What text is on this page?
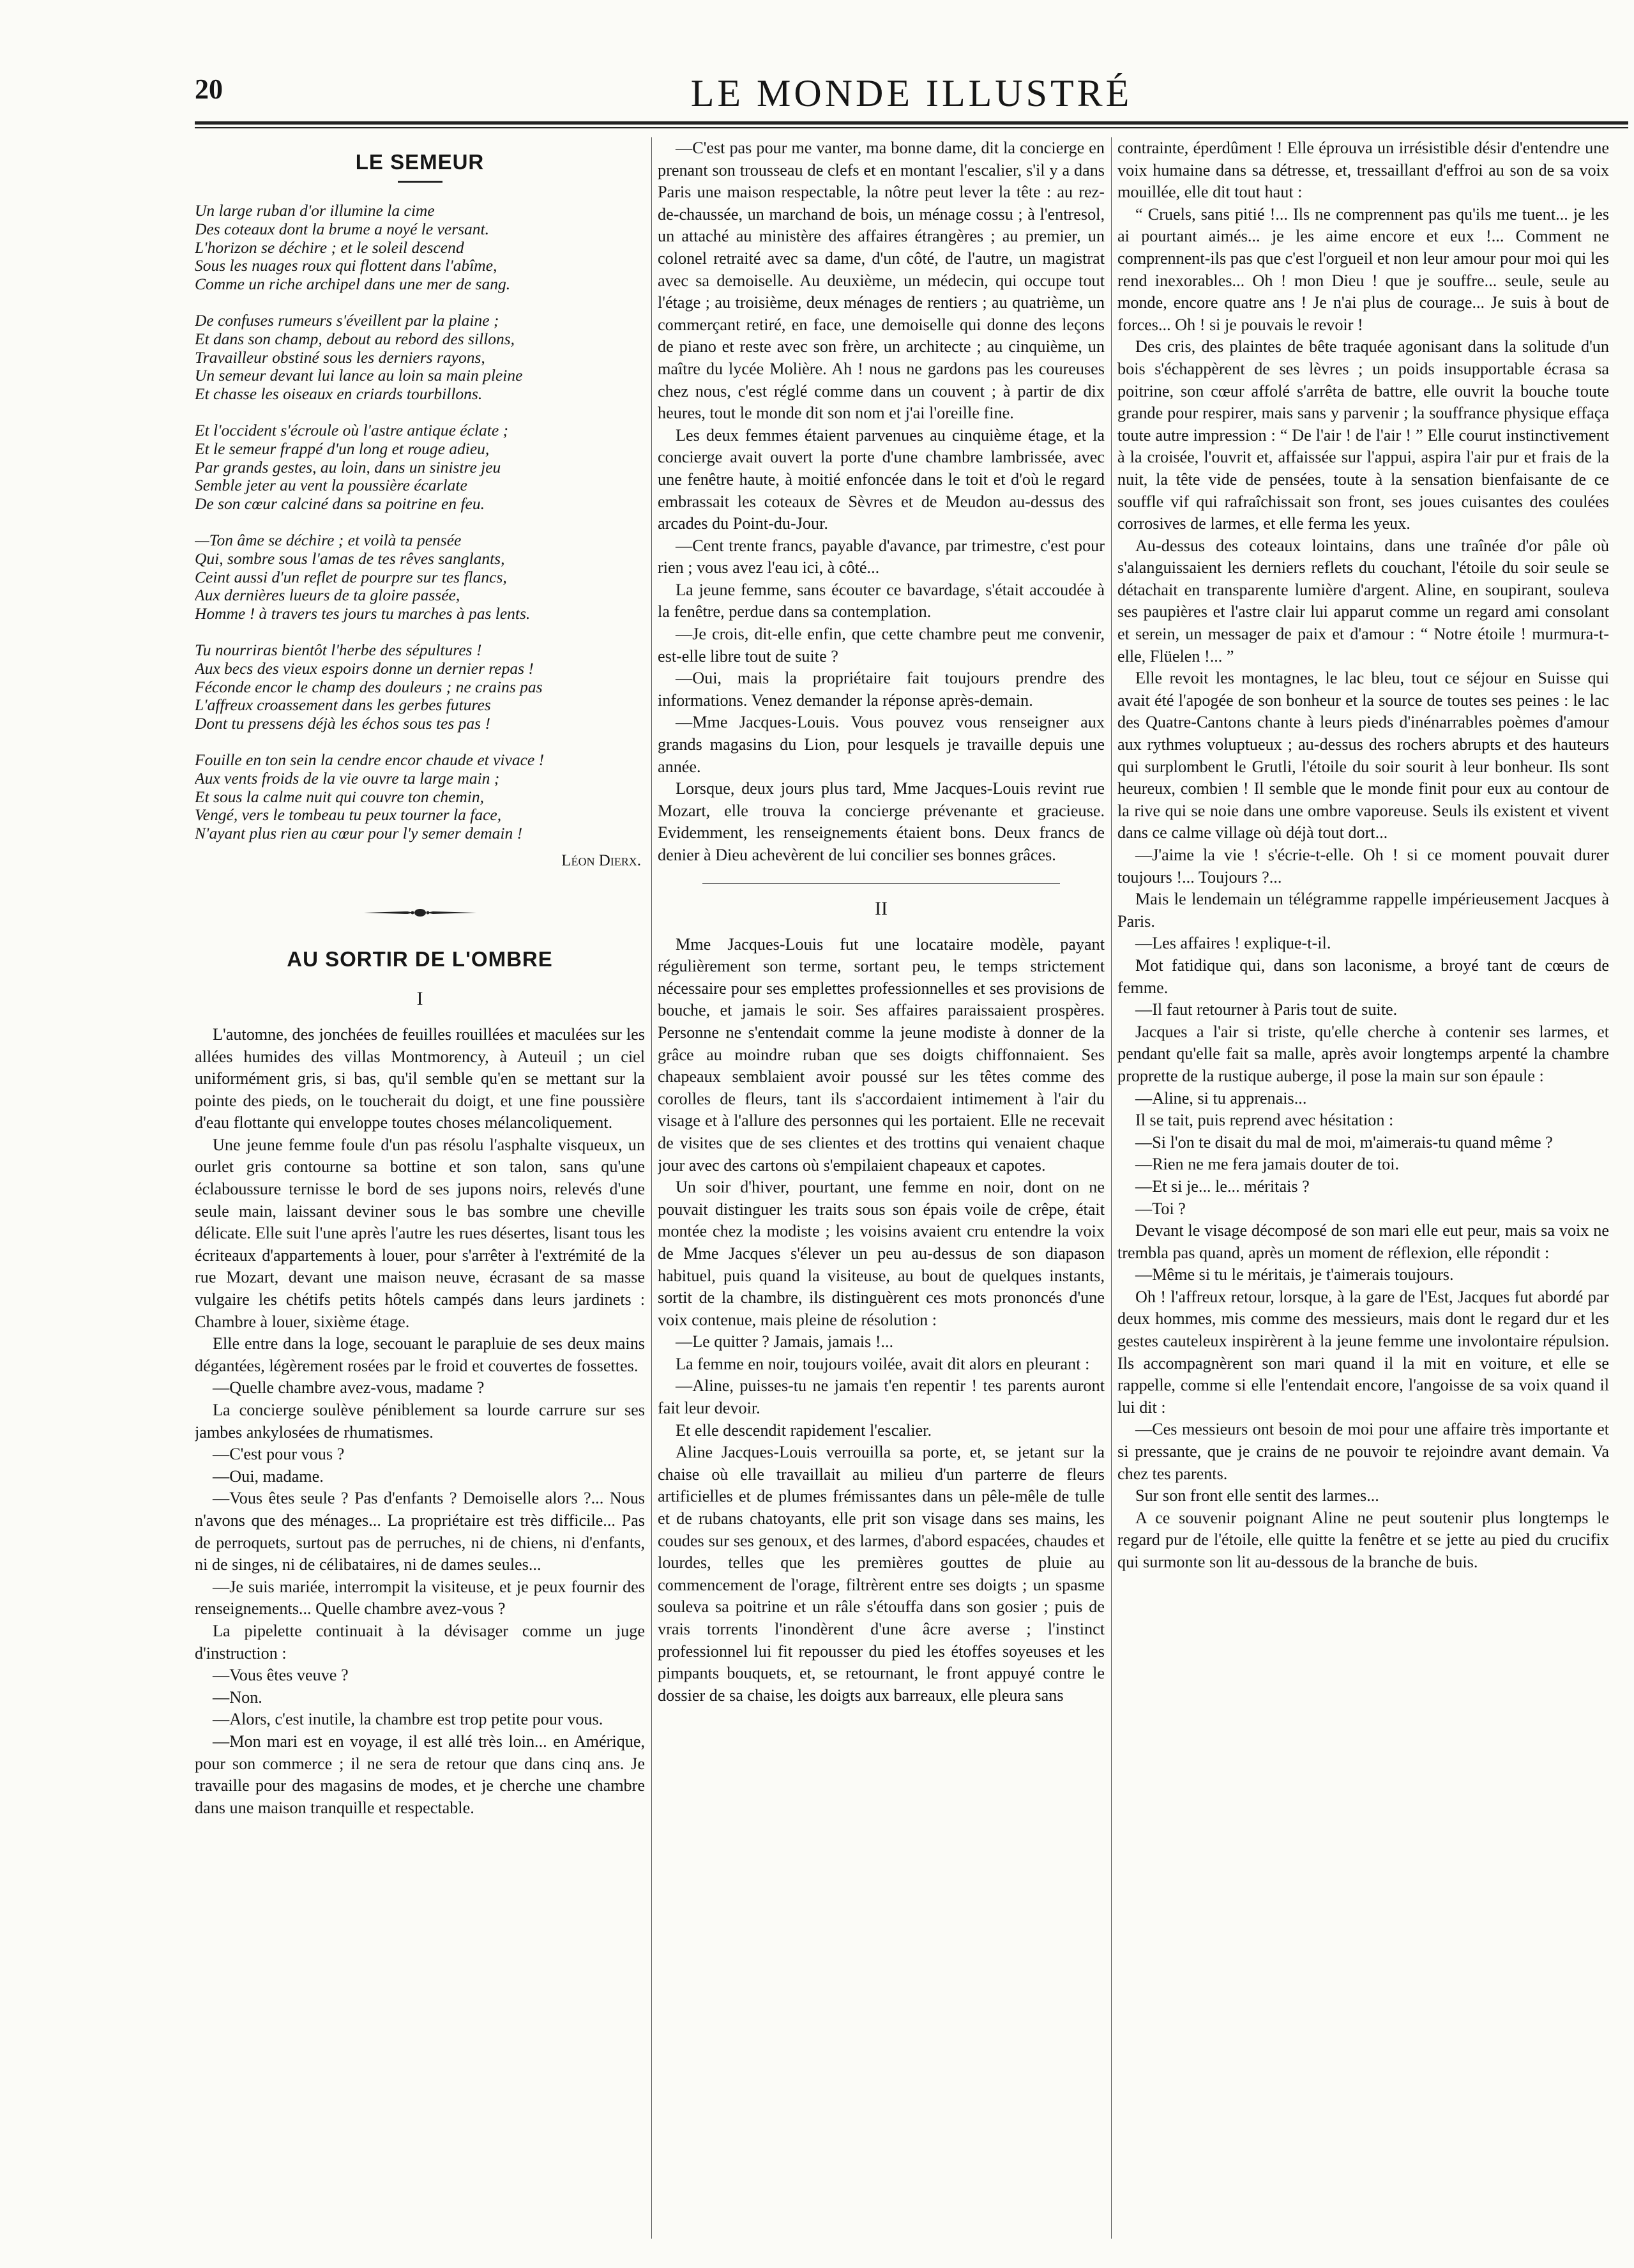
20	LE MONDE ILLUSTRÉ
LE SEMEUR
Un large ruban d'or illumine la cime
Des coteaux dont la brume a noyé le versant.
L'horizon se déchire ; et le soleil descend
Sous les nuages roux qui flottent dans l'abîme,
Comme un riche archipel dans une mer de sang.
De confuses rumeurs s'éveillent par la plaine ;
Et dans son champ, debout au rebord des sillons,
Travailleur obstiné sous les derniers rayons,
Un semeur devant lui lance au loin sa main pleine
Et chasse les oiseaux en criards tourbillons.
Et l'occident s'écroule où l'astre antique éclate ;
Et le semeur frappé d'un long et rouge adieu,
Par grands gestes, au loin, dans un sinistre jeu
Semble jeter au vent la poussière écarlate
De son cœur calciné dans sa poitrine en feu.
—Ton âme se déchire ; et voilà ta pensée
Qui, sombre sous l'amas de tes rêves sanglants,
Ceint aussi d'un reflet de pourpre sur tes flancs,
Aux dernières lueurs de ta gloire passée,
Homme ! à travers tes jours tu marches à pas lents.
Tu nourriras bientôt l'herbe des sépultures !
Aux becs des vieux espoirs donne un dernier repas !
Féconde encor le champ des douleurs ; ne crains pas
L'affreux croassement dans les gerbes futures
Dont tu pressens déjà les échos sous tes pas !
Fouille en ton sein la cendre encor chaude et vivace !
Aux vents froids de la vie ouvre ta large main ;
Et sous la calme nuit qui couvre ton chemin,
Vengé, vers le tombeau tu peux tourner la face,
N'ayant plus rien au cœur pour l'y semer demain !
Léon Dierx.
AU SORTIR DE L'OMBRE
I

L'automne, des jonchées de feuilles rouillées et maculées sur les allées humides des villas Montmorency, à Auteuil ; un ciel uniformément gris, si bas, qu'il semble qu'en se mettant sur la pointe des pieds, on le toucherait du doigt, et une fine poussière d'eau flottante qui enveloppe toutes choses mélancoliquement.

Une jeune femme foule d'un pas résolu l'asphalte visqueux, un ourlet gris contourne sa bottine et son talon, sans qu'une éclaboussure ternisse le bord de ses jupons noirs, relevés d'une seule main, laissant deviner sous le bas sombre une cheville délicate. Elle suit l'une après l'autre les rues désertes, lisant tous les écriteaux d'appartements à louer, pour s'arrêter à l'extrémité de la rue Mozart, devant une maison neuve, écrasant de sa masse vulgaire les chétifs petits hôtels campés dans leurs jardinets : Chambre à louer, sixième étage.

Elle entre dans la loge, secouant le parapluie de ses deux mains dégantées, légèrement rosées par le froid et couvertes de fossettes.

—Quelle chambre avez-vous, madame ?

La concierge soulève péniblement sa lourde carrure sur ses jambes ankylosées de rhumatismes.

—C'est pour vous ?

—Oui, madame.

—Vous êtes seule ? Pas d'enfants ? Demoiselle alors ?... Nous n'avons que des ménages... La propriétaire est très difficile... Pas de perroquets, surtout pas de perruches, ni de chiens, ni d'enfants, ni de singes, ni de célibataires, ni de dames seules...

—Je suis mariée, interrompit la visiteuse, et je peux fournir des renseignements... Quelle chambre avez-vous ?

La pipelette continuait à la dévisager comme un juge d'instruction :

—Vous êtes veuve ?

—Non.

—Alors, c'est inutile, la chambre est trop petite pour vous.

—Mon mari est en voyage, il est allé très loin... en Amérique, pour son commerce ; il ne sera de retour que dans cinq ans. Je travaille pour des magasins de modes, et je cherche une chambre dans une maison tranquille et respectable.

—C'est pas pour me vanter, ma bonne dame, dit la concierge en prenant son trousseau de clefs et en montant l'escalier, s'il y a dans Paris une maison respectable, la nôtre peut lever la tête : au rez-de-chaussée, un marchand de bois, un ménage cossu ; à l'entresol, un attaché au ministère des affaires étrangères ; au premier, un colonel retraité avec sa dame, d'un côté, de l'autre, un magistrat avec sa demoiselle. Au deuxième, un médecin, qui occupe tout l'étage ; au troisième, deux ménages de rentiers ; au quatrième, un commerçant retiré, en face, une demoiselle qui donne des leçons de piano et reste avec son frère, un architecte ; au cinquième, un maître du lycée Molière. Ah ! nous ne gardons pas les coureuses chez nous, c'est réglé comme dans un couvent ; à partir de dix heures, tout le monde dit son nom et j'ai l'oreille fine.

Les deux femmes étaient parvenues au cinquième étage, et la concierge avait ouvert la porte d'une chambre lambrissée, avec une fenêtre haute, à moitié enfoncée dans le toit et d'où le regard embrassait les coteaux de Sèvres et de Meudon au-dessus des arcades du Point-du-Jour.

—Cent trente francs, payable d'avance, par trimestre, c'est pour rien ; vous avez l'eau ici, à côté...

La jeune femme, sans écouter ce bavardage, s'était accoudée à la fenêtre, perdue dans sa contemplation.

—Je crois, dit-elle enfin, que cette chambre peut me convenir, est-elle libre tout de suite ?

—Oui, mais la propriétaire fait toujours prendre des informations. Venez demander la réponse après-demain.

—Mme Jacques-Louis. Vous pouvez vous renseigner aux grands magasins du Lion, pour lesquels je travaille depuis une année.

Lorsque, deux jours plus tard, Mme Jacques-Louis revint rue Mozart, elle trouva la concierge prévenante et gracieuse. Evidemment, les renseignements étaient bons. Deux francs de denier à Dieu achevèrent de lui concilier ses bonnes grâces.

II

Mme Jacques-Louis fut une locataire modèle, payant régulièrement son terme, sortant peu, le temps strictement nécessaire pour ses emplettes professionnelles et ses provisions de bouche, et jamais le soir. Ses affaires paraissaient prospères. Personne ne s'entendait comme la jeune modiste à donner de la grâce au moindre ruban que ses doigts chiffonnaient. Ses chapeaux semblaient avoir poussé sur les têtes comme des corolles de fleurs, tant ils s'accordaient intimement à l'air du visage et à l'allure des personnes qui les portaient. Elle ne recevait de visites que de ses clientes et des trottins qui venaient chaque jour avec des cartons où s'empilaient chapeaux et capotes.

Un soir d'hiver, pourtant, une femme en noir, dont on ne pouvait distinguer les traits sous son épais voile de crêpe, était montée chez la modiste ; les voisins avaient cru entendre la voix de Mme Jacques s'élever un peu au-dessus de son diapason habituel, puis quand la visiteuse, au bout de quelques instants, sortit de la chambre, ils distinguèrent ces mots prononcés d'une voix contenue, mais pleine de résolution :

—Le quitter ? Jamais, jamais !...

La femme en noir, toujours voilée, avait dit alors en pleurant :

—Aline, puisses-tu ne jamais t'en repentir ! tes parents auront fait leur devoir.

Et elle descendit rapidement l'escalier.

Aline Jacques-Louis verrouilla sa porte, et, se jetant sur la chaise où elle travaillait au milieu d'un parterre de fleurs artificielles et de plumes frémissantes dans un pêle-mêle de tulle et de rubans chatoyants, elle prit son visage dans ses mains, les coudes sur ses genoux, et des larmes, d'abord espacées, chaudes et lourdes, telles que les premières gouttes de pluie au commencement de l'orage, filtrèrent entre ses doigts ; un spasme souleva sa poitrine et un râle s'étouffa dans son gosier ; puis de vrais torrents l'inondèrent d'une âcre averse ; l'instinct professionnel lui fit repousser du pied les étoffes soyeuses et les pimpants bouquets, et, se retournant, le front appuyé contre le dossier de sa chaise, les doigts aux barreaux, elle pleura sans

contrainte, éperdûment ! Elle éprouva un irrésistible désir d'entendre une voix humaine dans sa détresse, et, tressaillant d'effroi au son de sa voix mouillée, elle dit tout haut :

“ Cruels, sans pitié !... Ils ne comprennent pas qu'ils me tuent... je les ai pourtant aimés... je les aime encore et eux !... Comment ne comprennent-ils pas que c'est l'orgueil et non leur amour pour moi qui les rend inexorables... Oh ! mon Dieu ! que je souffre... seule, seule au monde, encore quatre ans ! Je n'ai plus de courage... Je suis à bout de forces... Oh ! si je pouvais le revoir !

Des cris, des plaintes de bête traquée agonisant dans la solitude d'un bois s'échappèrent de ses lèvres ; un poids insupportable écrasa sa poitrine, son cœur affolé s'arrêta de battre, elle ouvrit la bouche toute grande pour respirer, mais sans y parvenir ; la souffrance physique effaça toute autre impression : “ De l'air ! de l'air ! ” Elle courut instinctivement à la croisée, l'ouvrit et, affaissée sur l'appui, aspira l'air pur et frais de la nuit, la tête vide de pensées, toute à la sensation bienfaisante de ce souffle vif qui rafraîchissait son front, ses joues cuisantes des coulées corrosives de larmes, et elle ferma les yeux.

Au-dessus des coteaux lointains, dans une traînée d'or pâle où s'alanguissaient les derniers reflets du couchant, l'étoile du soir seule se détachait en transparente lumière d'argent. Aline, en soupirant, souleva ses paupières et l'astre clair lui apparut comme un regard ami consolant et serein, un messager de paix et d'amour : “ Notre étoile ! murmura-t-elle, Flüelen !... ”

Elle revoit les montagnes, le lac bleu, tout ce séjour en Suisse qui avait été l'apogée de son bonheur et la source de toutes ses peines : le lac des Quatre-Cantons chante à leurs pieds d'inénarrables poèmes d'amour aux rythmes voluptueux ; au-dessus des rochers abrupts et des hauteurs qui surplombent le Grutli, l'étoile du soir sourit à leur bonheur. Ils sont heureux, combien ! Il semble que le monde finit pour eux au contour de la rive qui se noie dans une ombre vaporeuse. Seuls ils existent et vivent dans ce calme village où déjà tout dort...

—J'aime la vie ! s'écrie-t-elle. Oh ! si ce moment pouvait durer toujours !... Toujours ?...

Mais le lendemain un télégramme rappelle impérieusement Jacques à Paris.

—Les affaires ! explique-t-il.

Mot fatidique qui, dans son laconisme, a broyé tant de cœurs de femme.

—Il faut retourner à Paris tout de suite.

Jacques a l'air si triste, qu'elle cherche à contenir ses larmes, et pendant qu'elle fait sa malle, après avoir longtemps arpenté la chambre proprette de la rustique auberge, il pose la main sur son épaule :

—Aline, si tu apprenais...

Il se tait, puis reprend avec hésitation :

—Si l'on te disait du mal de moi, m'aimerais-tu quand même ?

—Rien ne me fera jamais douter de toi.

—Et si je... le... méritais ?

—Toi ?

Devant le visage décomposé de son mari elle eut peur, mais sa voix ne trembla pas quand, après un moment de réflexion, elle répondit :

—Même si tu le méritais, je t'aimerais toujours.

Oh ! l'affreux retour, lorsque, à la gare de l'Est, Jacques fut abordé par deux hommes, mis comme des messieurs, mais dont le regard dur et les gestes cauteleux inspirèrent à la jeune femme une involontaire répulsion. Ils accompagnèrent son mari quand il la mit en voiture, et elle se rappelle, comme si elle l'entendait encore, l'angoisse de sa voix quand il lui dit :

—Ces messieurs ont besoin de moi pour une affaire très importante et si pressante, que je crains de ne pouvoir te rejoindre avant demain. Va chez tes parents.

Sur son front elle sentit des larmes...

A ce souvenir poignant Aline ne peut soutenir plus longtemps le regard pur de l'étoile, elle quitte la fenêtre et se jette au pied du crucifix qui surmonte son lit au-dessous de la branche de buis.
